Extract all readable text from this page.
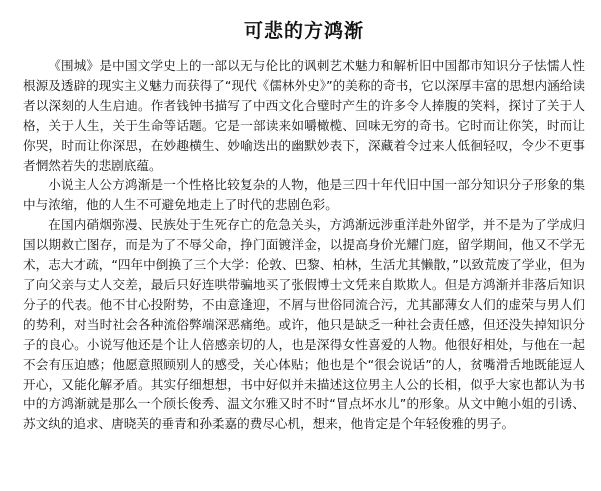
可悲的方鸿渐

《围城》是中国文学史上的一部以无与伦比的讽刺艺术魅力和解析旧中国都市知识分子怯懦人性根源及透辟的现实主义魅力而获得了“现代《儒林外史》”的美称的奇书，它以深厚丰富的思想内涵给读者以深刻的人生启迪。作者钱钟书描写了中西文化合璧时产生的许多令人捧腹的笑料，探讨了关于人格，关于人生，关于生命等话题。它是一部读来如嚼橄榄、回味无穷的奇书。它时而让你笑，时而让你哭，时而让你深思，在妙趣横生、妙喻迭出的幽默妙表下，深藏着令过来人低徊轻叹，令少不更事者惘然若失的悲剧底蕴。

小说主人公方鸿渐是一个性格比较复杂的人物，他是三四十年代旧中国一部分知识分子形象的集中与浓缩，他的人生不可避免地走上了时代的悲剧色彩。

在国内硝烟弥漫、民族处于生死存亡的危急关头，方鸿渐远涉重洋赴外留学，并不是为了学成归国以期救亡图存，而是为了不辱父命，挣门面镀洋金，以提高身价光耀门庭，留学期间，他又不学无术，志大才疏，“四年中倒换了三个大学：伦敦、巴黎、柏林，生活尤其懒散，”以致荒废了学业，但为了向父亲与丈人交差，最后只好连哄带骗地买了张假博士文凭来自欺欺人。但是方鸿渐并非落后知识分子的代表。他不甘心投附势，不由意逢迎，不屑与世俗同流合污，尤其鄙薄女人们的虚荣与男人们的势利，对当时社会各种流俗弊端深恶痛绝。或许，他只是缺乏一种社会责任感，但还没失掉知识分子的良心。小说写他还是个让人倍感亲切的人，也是深得女性喜爱的人物。他很好相处，与他在一起不会有压迫感；他愿意照顾别人的感受，关心体贴；他也是个“很会说话”的人，贫嘴滑舌地既能逗人开心，又能化解矛盾。其实仔细想想，书中好似并未描述这位男主人公的长相，似乎大家也都认为书中的方鸿渐就是那么一个颀长俊秀、温文尔雅又时不时“冒点坏水儿”的形象。从文中鲍小姐的引诱、苏文纨的追求、唐晓芙的垂青和孙柔嘉的费尽心机，想来，他肯定是个年轻俊雅的男子。
